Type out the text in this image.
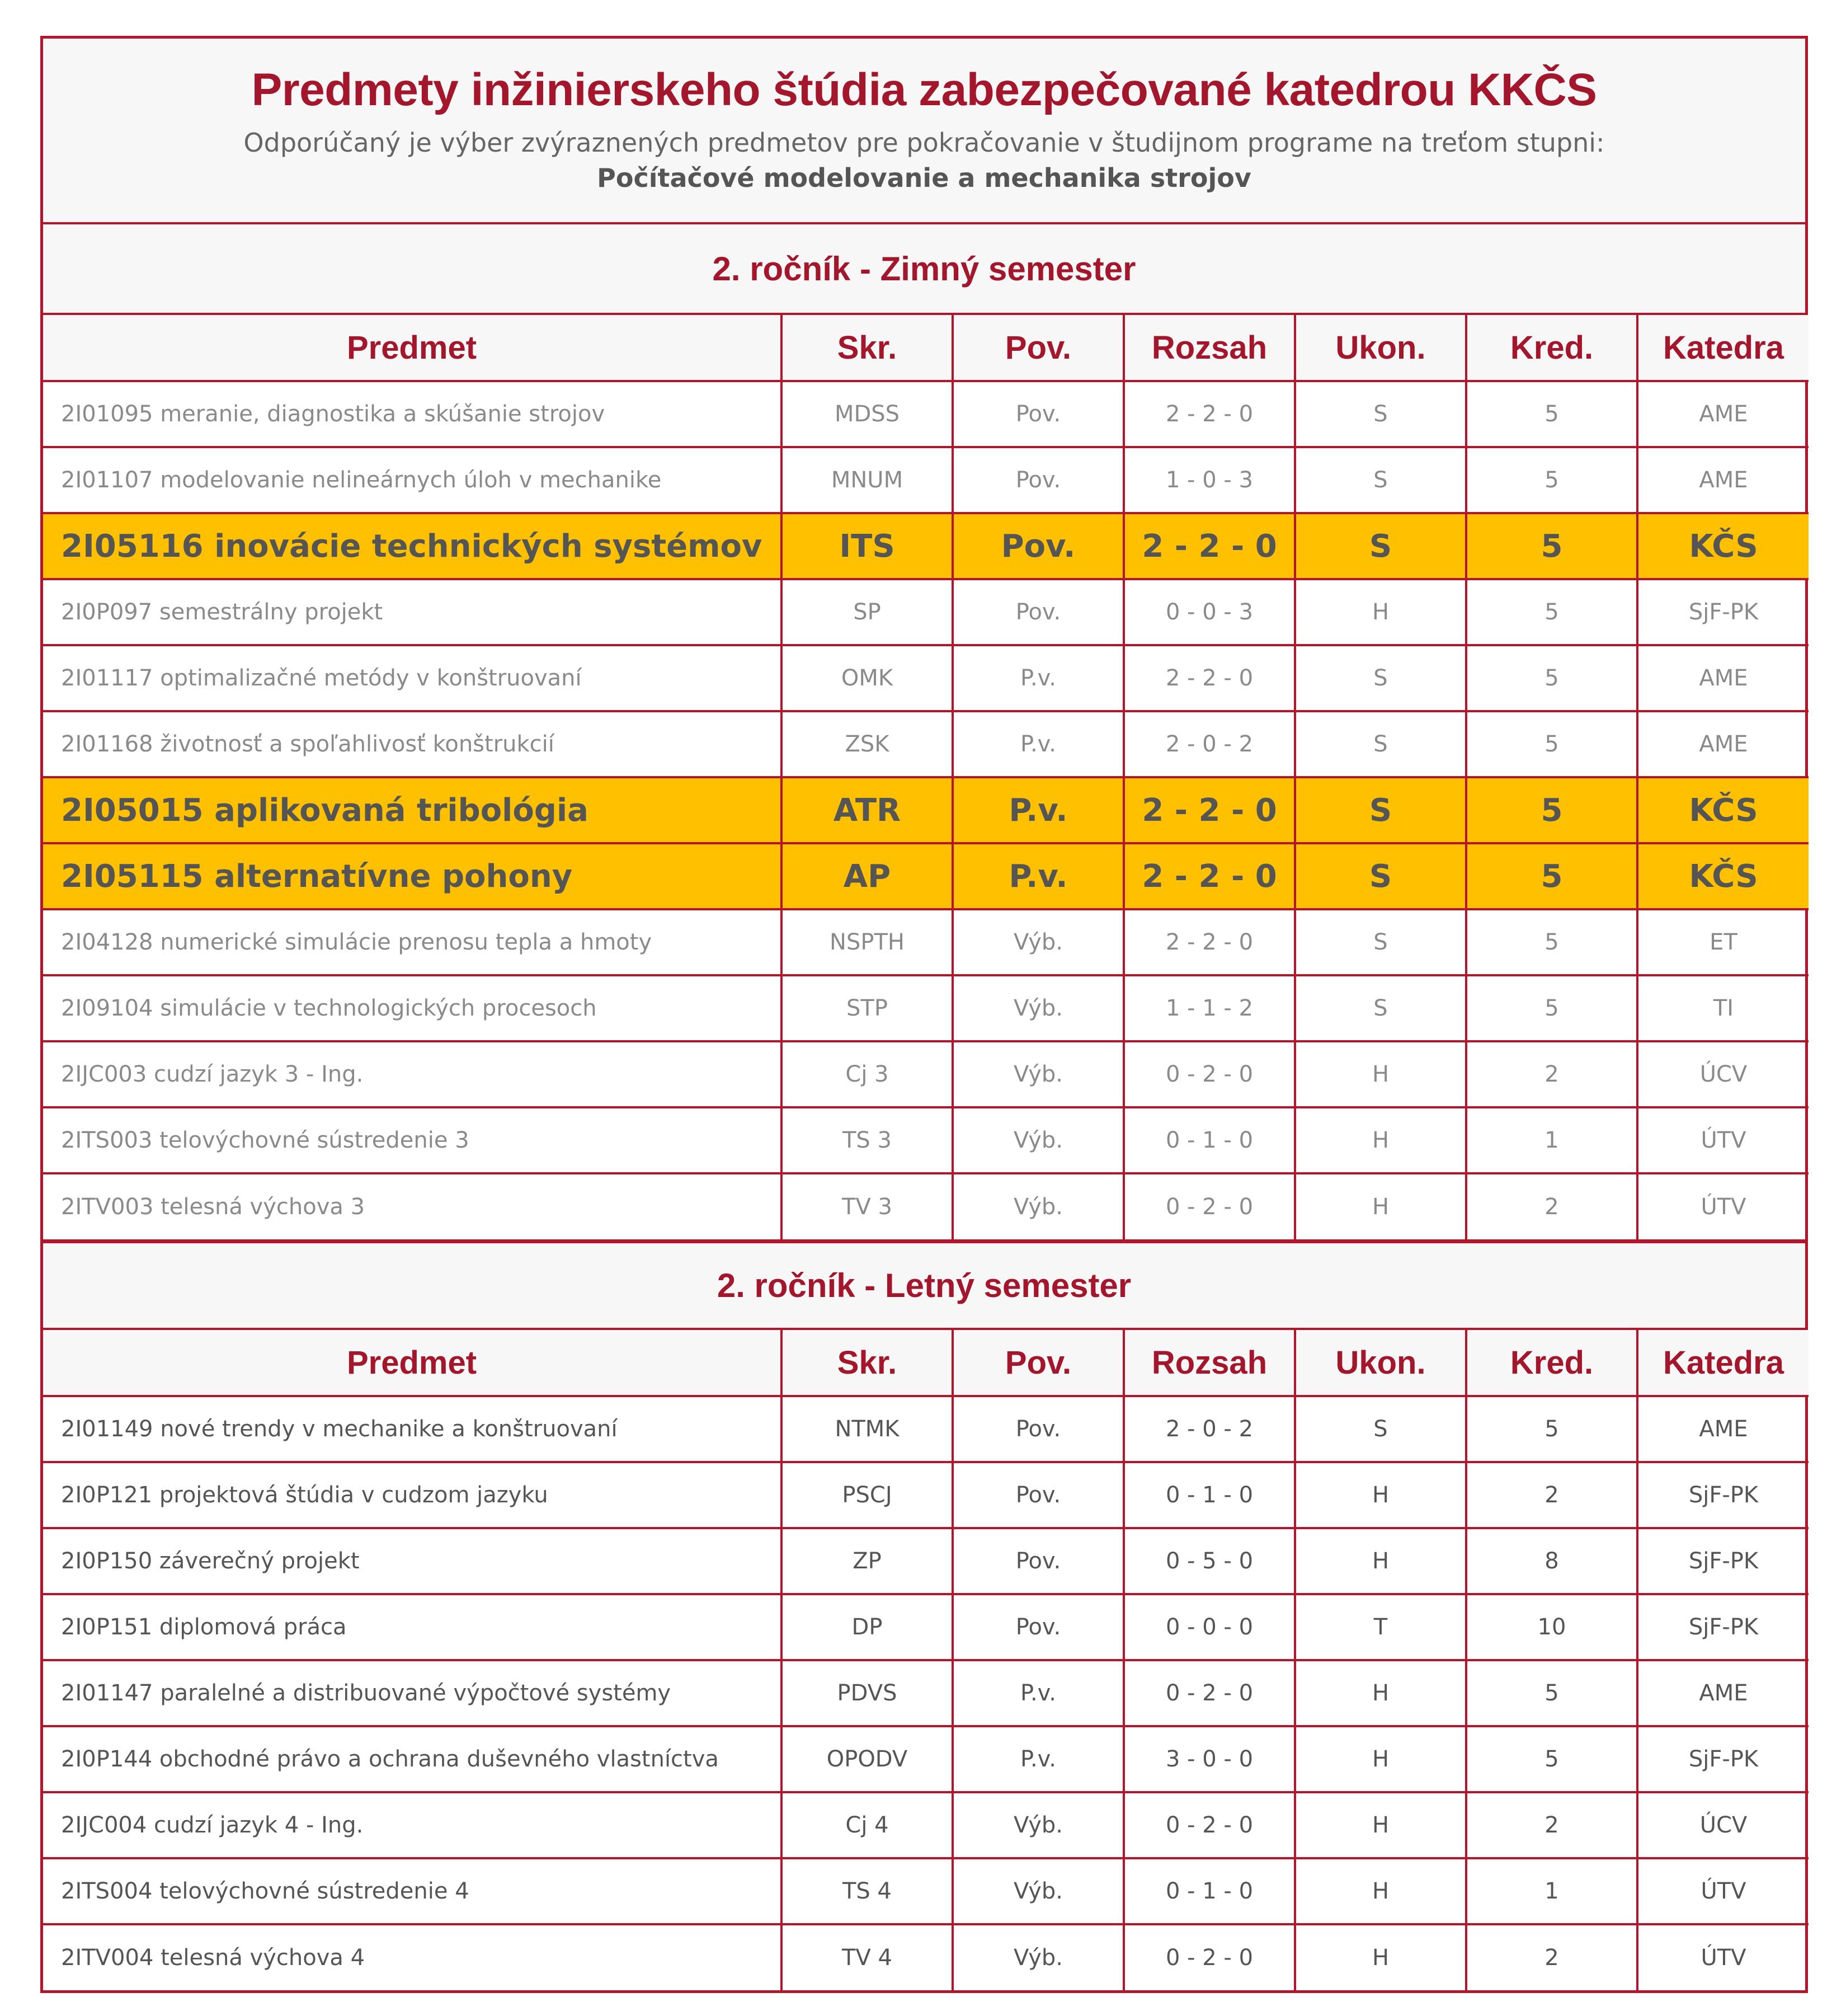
Predmety inžinierskeho štúdia zabezpečované katedrou KKČS
Odporúčaný je výber zvýraznených predmetov pre pokračovanie v študijnom programe na treťom stupni:
Počítačové modelovanie a mechanika strojov
2. ročník - Zimný semester
Predmet	Skr.	Pov.	Rozsah	Ukon.	Kred.	Katedra
2I01095 meranie, diagnostika a skúšanie strojov	MDSS	Pov.	2 - 2 - 0	S	5	AME
2I01107 modelovanie nelineárnych úloh v mechanike	MNUM	Pov.	1 - 0 - 3	S	5	AME
2I05116 inovácie technických systémov	ITS	Pov.	2 - 2 - 0	S	5	KČS
2I0P097 semestrálny projekt	SP	Pov.	0 - 0 - 3	H	5	SjF-PK
2I01117 optimalizačné metódy v konštruovaní	OMK	P.v.	2 - 2 - 0	S	5	AME
2I01168 životnosť a spoľahlivosť konštrukcií	ZSK	P.v.	2 - 0 - 2	S	5	AME
2I05015 aplikovaná tribológia	ATR	P.v.	2 - 2 - 0	S	5	KČS
2I05115 alternatívne pohony	AP	P.v.	2 - 2 - 0	S	5	KČS
2I04128 numerické simulácie prenosu tepla a hmoty	NSPTH	Výb.	2 - 2 - 0	S	5	ET
2I09104 simulácie v technologických procesoch	STP	Výb.	1 - 1 - 2	S	5	TI
2IJC003 cudzí jazyk 3 - Ing.	Cj 3	Výb.	0 - 2 - 0	H	2	ÚCV
2ITS003 telovýchovné sústredenie 3	TS 3	Výb.	0 - 1 - 0	H	1	ÚTV
2ITV003 telesná výchova 3	TV 3	Výb.	0 - 2 - 0	H	2	ÚTV
2. ročník - Letný semester
Predmet	Skr.	Pov.	Rozsah	Ukon.	Kred.	Katedra
2I01149 nové trendy v mechanike a konštruovaní	NTMK	Pov.	2 - 0 - 2	S	5	AME
2I0P121 projektová štúdia v cudzom jazyku	PSCJ	Pov.	0 - 1 - 0	H	2	SjF-PK
2I0P150 záverečný projekt	ZP	Pov.	0 - 5 - 0	H	8	SjF-PK
2I0P151 diplomová práca	DP	Pov.	0 - 0 - 0	T	10	SjF-PK
2I01147 paralelné a distribuované výpočtové systémy	PDVS	P.v.	0 - 2 - 0	H	5	AME
2I0P144 obchodné právo a ochrana duševného vlastníctva	OPODV	P.v.	3 - 0 - 0	H	5	SjF-PK
2IJC004 cudzí jazyk 4 - Ing.	Cj 4	Výb.	0 - 2 - 0	H	2	ÚCV
2ITS004 telovýchovné sústredenie 4	TS 4	Výb.	0 - 1 - 0	H	1	ÚTV
2ITV004 telesná výchova 4	TV 4	Výb.	0 - 2 - 0	H	2	ÚTV
